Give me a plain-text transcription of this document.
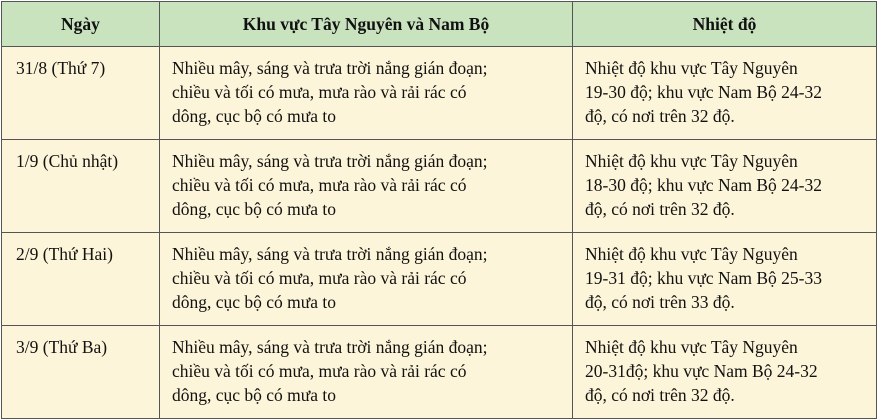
Ngày	Khu vực Tây Nguyên và Nam Bộ	Nhiệt độ
31/8 (Thứ 7)	Nhiều mây, sáng và trưa trời nắng gián đoạn;
chiều và tối có mưa, mưa rào và rải rác có
dông, cục bộ có mưa to	Nhiệt độ khu vực Tây Nguyên
19-30 độ; khu vực Nam Bộ 24-32
độ, có nơi trên 32 độ.
1/9 (Chủ nhật)	Nhiều mây, sáng và trưa trời nắng gián đoạn;
chiều và tối có mưa, mưa rào và rải rác có
dông, cục bộ có mưa to	Nhiệt độ khu vực Tây Nguyên
18-30 độ; khu vực Nam Bộ 24-32
độ, có nơi trên 32 độ.
2/9 (Thứ Hai)	Nhiều mây, sáng và trưa trời nắng gián đoạn;
chiều và tối có mưa, mưa rào và rải rác có
dông, cục bộ có mưa to	Nhiệt độ khu vực Tây Nguyên
19-31 độ; khu vực Nam Bộ 25-33
độ, có nơi trên 33 độ.
3/9 (Thứ Ba)	Nhiều mây, sáng và trưa trời nắng gián đoạn;
chiều và tối có mưa, mưa rào và rải rác có
dông, cục bộ có mưa to	Nhiệt độ khu vực Tây Nguyên
20-31độ; khu vực Nam Bộ 24-32
độ, có nơi trên 32 độ.
